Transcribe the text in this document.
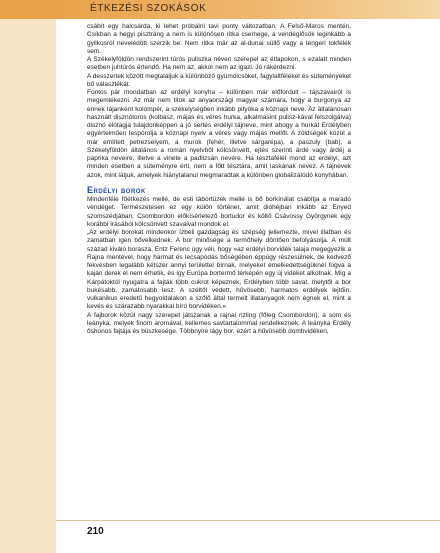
ÉTKEZÉSI SZOKÁSOK

csábít egy halcsárda, ki lehet próbálni tavi ponty változatban. A Felső-Maros mentén, Csíkban a hegyi pisztráng a nem is különösen ritka csemege, a vendéglősök leginkább a gyilkosról nevelédött szerzik be. Nem ritka már az al-dunai süllő vagy a tengeri tokfélék sem.

A Székelyföldön rendszerint túrós puliszka néven szerepel az étlapokon, s ezalatt minden esetben juhtúrós értendő. Ha nem az, akkor nem az igazi. Jó rákérdezni.

A desszertek között megtaláljuk a különböző gyümölcsöket, fagylaltféléket és süteményeket bő választékát.

Fontos pár mondatban az erdélyi konyha – különben már előfordult – tájszavairól is megemlékezni. Az már nem titok az anyaországi magyar számára, hogy a burgonya az ennek tájanként kolompér, a székelységben inkább pityóka a köznapi neve. Az általánosan használt disznótoros (kolbász, májas és véres hurka, alkalmasint pulisz-kával felszolgálva) disznó elótagja tulajdonképpen a jó sertés erdélyi tájneve, mint ahogy a hurkát Erdélyben egyértelműen lespórolja a köznapi nyelv a véres vagy májas mellől. A zöldségek közül a már említett petrezselyem, a murok (fehér, illetve sárgarépa), a paszuly (bab), a Székelyföldön általános a román nyelvből kölcsönvett, ejtés szerinti árdé vagy árdéj a paprika neveire, illetve a vinete a padlizsán nevére. Ha tésztafélét mond az erdélyi, azt minden esetben a süteményre érti, nem a főtt tésztára, amit laskának nevez. A tájnevek azok, mint látjuk, amelyek hiánytalanul megmaradtak a különben globalizálódó konyhában.

Erdélyi borok

Mindenféle főétkezés mellé, de esti tábortüzek mellé is bő borkínálat csábítja a maradó vendéget. Természetesen ez egy külön történet, amit dióhéjban inkább az Enyed szomszédjában, Csombordon előkísérletező bortudor és költő Csávossy Györgynek egy korábbi írásából kölcsönvett szavaival mondok el.

„Az erdélyi borokat mindenkor ízbeli gazdagság és szépség jellemezte, mível illatban és zamatban igen bővelkednek. A bor minősége a termőhely döntően befolyásolja. A múlt század kiváló borásza, Entz Ferenc úgy véli, hogy »az erdélyi borvidék talaja megegyezik a Rajna mentével, hogy harmat és lecsapódás bőségében éppúgy részesülnek, de kedvező fekvésben legalább kétszer annyi területtel bírnak, melyeket emelkedettségüknél fogva a kaján derek el nem érhetik, és így Európa bortermő térképén egy új vidéket alkotnak. Míg a Kárpátoktól nyugatra a fajták több cukrot képeznek, Erdélyben több savat, melytől a bor bukésabb, zamatosabb lesz. A széltől védett, hűvösebb, harmatos erdélyek lejtőin, vulkanikus eredetű hegyoldalakon a szőlő által termelt illatanyagok nem égnek el, mint a kevés és szárazabb nyarakkal bíró borvidéken.«

A fajborok közül nagy szerepet játszanak a rajnai rizling (főleg Csombordon), a som és leányka, melyek finom aromával, kellemes savtartalommal rendelkeznek. A leányka Erdély őshonos fajtája és büszkesége. Többnyire lágy bor, ezért a hűvösebb dombvidéken,

210
